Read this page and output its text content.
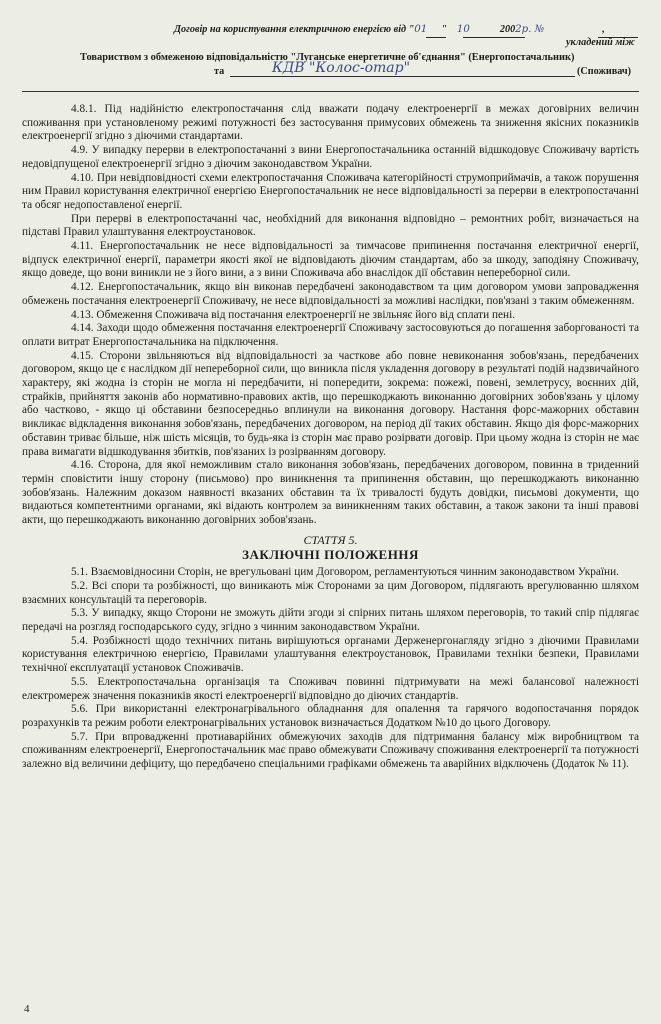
Договір на користування електричною енергією від "01 " 10	2002р. №	,
укладений між
Товариством з обмеженою відповідальністю "Луганське енергетичне об'єднання" (Енергопостачальник)
та	КДВ "Колос-отар"	(Споживач)

4.8.1. Під надійністю електропостачання слід вважати подачу електроенергії в межах договірних величин споживання при установленому режимі потужності без застосування примусових обмежень та зниження якісних показників електроенергії згідно з діючими стандартами.

4.9. У випадку перерви в електропостачанні з вини Енергопостачальника останній відшкодовує Споживачу вартість недовідпущеної електроенергії згідно з діючим законодавством України.

4.10. При невідповідності схеми електропостачання Споживача категорійності струмоприймачів, а також порушення ним Правил користування електричної енергією Енергопостачальник не несе відповідальності за перерви в електропостачанні та обсяг недопоставленої енергії.

При перерві в електропостачанні час, необхідний для виконання відповідно – ремонтних робіт, визначається на підставі Правил улаштування електроустановок.

4.11. Енергопостачальник не несе відповідальності за тимчасове припинення постачання електричної енергії, відпуск електричної енергії, параметри якості якої не відповідають діючим стандартам, або за шкоду, заподіяну Споживачу, якщо доведе, що вони виникли не з його вини, а з вини Споживача або внаслідок дії обставин непереборної сили.

4.12. Енергопостачальник, якщо він виконав передбачені законодавством та цим договором умови запровадження обмежень постачання електроенергії Споживачу, не несе відповідальності за можливі наслідки, пов'язані з таким обмеженням.

4.13. Обмеження Споживача від постачання електроенергії не звільняє його від сплати пені.

4.14. Заходи щодо обмеження постачання електроенергії Споживачу застосовуються до погашення заборгованості та оплати витрат Енергопостачальника на підключення.

4.15. Сторони звільняються від відповідальності за часткове або повне невиконання зобов'язань, передбачених договором, якщо це є наслідком дії непереборної сили, що виникла після укладення договору в результаті подій надзвичайного характеру, які жодна із сторін не могла ні передбачити, ні попередити, зокрема: пожежі, повені, землетрусу, воєнних дій, страйків, прийняття законів або нормативно-правових актів, що перешкоджають виконанню договірних зобов'язань у цілому або частково, - якщо ці обставини безпосередньо вплинули на виконання договору. Настання форс-мажорних обставин викликає відкладення виконання зобов'язань, передбачених договором, на період дії таких обставин. Якщо дія форс-мажорних обставин триває більше, ніж шість місяців, то будь-яка із сторін має право розірвати договір. При цьому жодна із сторін не має права вимагати відшкодування збитків, пов'язаних із розірванням договору.

4.16. Сторона, для якої неможливим стало виконання зобов'язань, передбачених договором, повинна в триденний термін сповістити іншу сторону (письмово) про виникнення та припинення обставин, що перешкоджають виконанню зобов'язань. Належним доказом наявності вказаних обставин та їх тривалості будуть довідки, письмові документи, що видаються компетентними органами, які відають контролем за виникненням таких обставин, а також закони та інші правові акти, що перешкоджають виконанню договірних зобов'язань.

СТАТТЯ 5.

ЗАКЛЮЧНІ ПОЛОЖЕННЯ

5.1. Взаємовідносини Сторін, не врегульовані цим Договором, регламентуються чинним законодавством України.

5.2. Всі спори та розбіжності, що виникають між Сторонами за цим Договором, підлягають врегулюванню шляхом взаємних консультацій та переговорів.

5.3. У випадку, якщо Сторони не зможуть дійти згоди зі спірних питань шляхом переговорів, то такий спір підлягає передачі на розгляд господарського суду, згідно з чинним законодавством України.

5.4. Розбіжності щодо технічних питань вирішуються органами Держенергонагляду згідно з діючими Правилами користування електричною енергією, Правилами улаштування електроустановок, Правилами техніки безпеки, Правилами технічної експлуатації установок Споживачів.

5.5. Електропостачальна організація та Споживач повинні підтримувати на межі балансової належності електромереж значення показників якості електроенергії відповідно до діючих стандартів.

5.6. При використанні електронагрівального обладнання для опалення та гарячого водопостачання порядок розрахунків та режим роботи електронагрівальних установок визначається Додатком №10 до цього Договору.

5.7. При впровадженні протиаварійних обмежуючих заходів для підтримання балансу між виробництвом та споживанням електроенергії, Енергопостачальник має право обмежувати Споживачу споживання електроенергії та потужності залежно від величини дефіциту, що передбачено спеціальними графіками обмежень та аварійних відключень (Додаток № 11).

4
